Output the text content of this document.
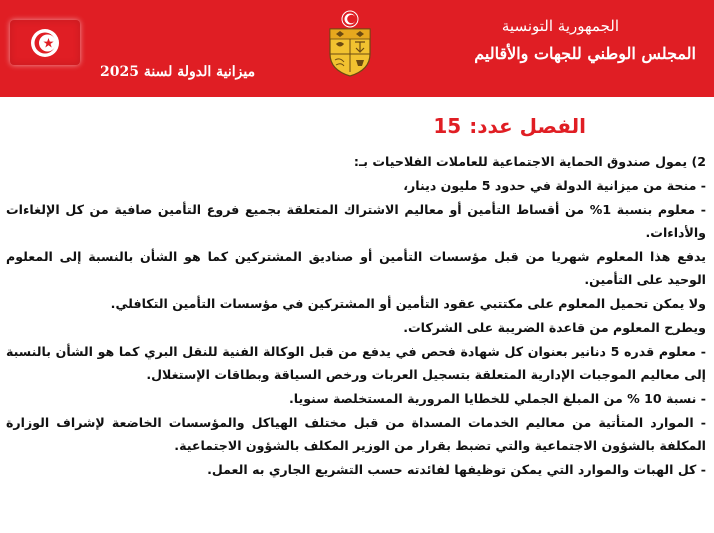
الجمهورية التونسية
المجلس الوطني للجهات والأقاليم
ميزانية الدولة لسنة 2025
الفصل عدد:15

2) يمول صندوق الحماية الاجتماعية للعاملات الفلاحيات بـ:

- منحة من ميزانية الدولة في حدود 5 مليون دينار،

- معلوم بنسبة 1% من أقساط التأمين أو معاليم الاشتراك المتعلقة بجميع فروع التأمين صافية من كل الإلغاءات والأداءات.

يدفع هذا المعلوم شهريا من قبل مؤسسات التأمين أو صناديق المشتركين كما هو الشأن بالنسبة إلى المعلوم الوحيد على التأمين.

ولا يمكن تحميل المعلوم على مكتتبي عقود التأمين أو المشتركين في مؤسسات التأمين التكافلي.

ويطرح المعلوم من قاعدة الضريبة على الشركات.

- معلوم قدره 5 دنانير بعنوان كل شهادة فحص في يدفع من قبل الوكالة الفنية للنقل البري كما هو الشأن بالنسبة إلى معاليم الموجبات الإدارية المتعلقة بتسجيل العربات ورخص السياقة وبطاقات الإستغلال.

- نسبة 10 % من المبلغ الجملي للخطايا المرورية المستخلصة سنويا.

- الموارد المتأتية من معاليم الخدمات المسداة من قبل مختلف الهياكل والمؤسسات الخاضعة لإشراف الوزارة المكلفة بالشؤون الاجتماعية والتي تضبط بقرار من الوزير المكلف بالشؤون الاجتماعية.

- كل الهبات والموارد التي يمكن توظيفها لفائدته حسب التشريع الجاري به العمل.
